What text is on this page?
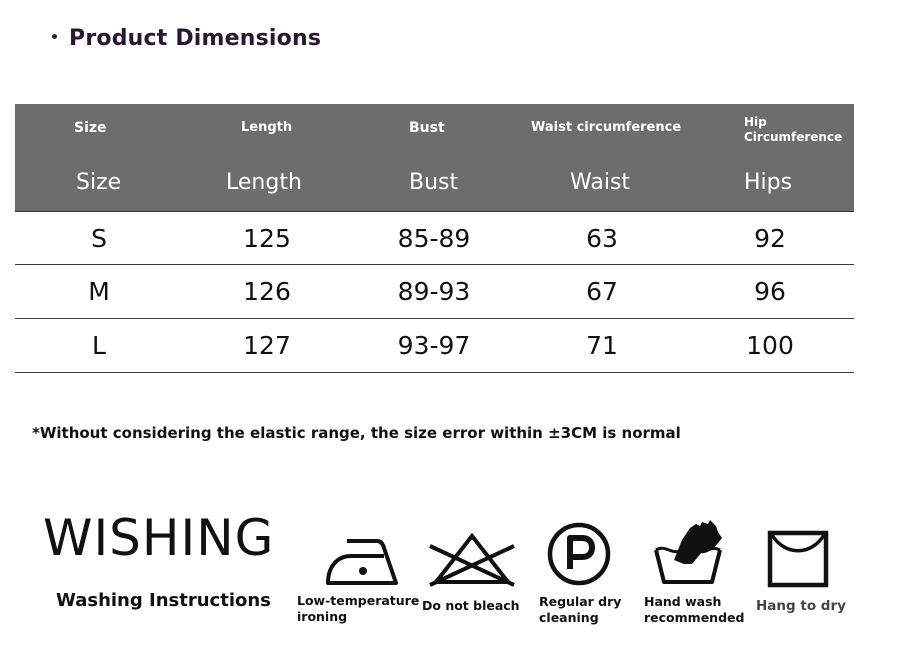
Product Dimensions
Size	Length	Bust	Waist circumference	Hip
Circumference
Size	Length	Bust	Waist	Hips
S	125	85-89	63	92
M	126	89-93	67	96
L	127	93-97	71	100
*Without considering the elastic range, the size error within ±3CM is normal
WISHING
Washing Instructions Low-temperature
ironing
Do not bleach Regular dry
cleaning
Hand wash
recommended
Hang to dry
